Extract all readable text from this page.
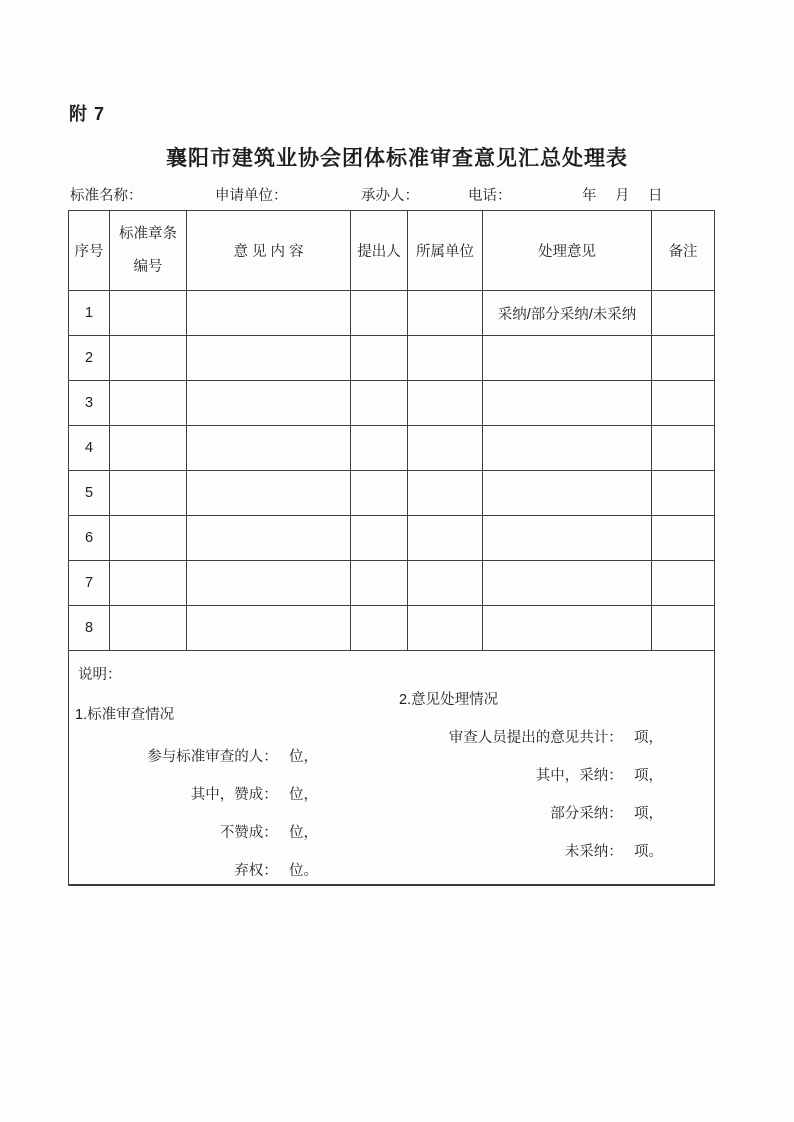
附 7
襄阳市建筑业协会团体标准审查意见汇总处理表
标准名称：	申请单位：	承办人：	电话：	年　月　日
序号	标准章条编号	意 见 内 容	提出人	所属单位	处理意见	备注
1					采纳/部分采纳/未采纳	
2						
3						
4						
5						
6						
7						
8						

说明：
1.标准审查情况
2.意见处理情况
参与标准审查的人：　 位，
其中，赞成：　 位，
不赞成：　 位，
弃权：　 位。
审查人员提出的意见共计：　 项，
其中，采纳：　 项，
部分采纳：　 项，
未采纳：　 项。
